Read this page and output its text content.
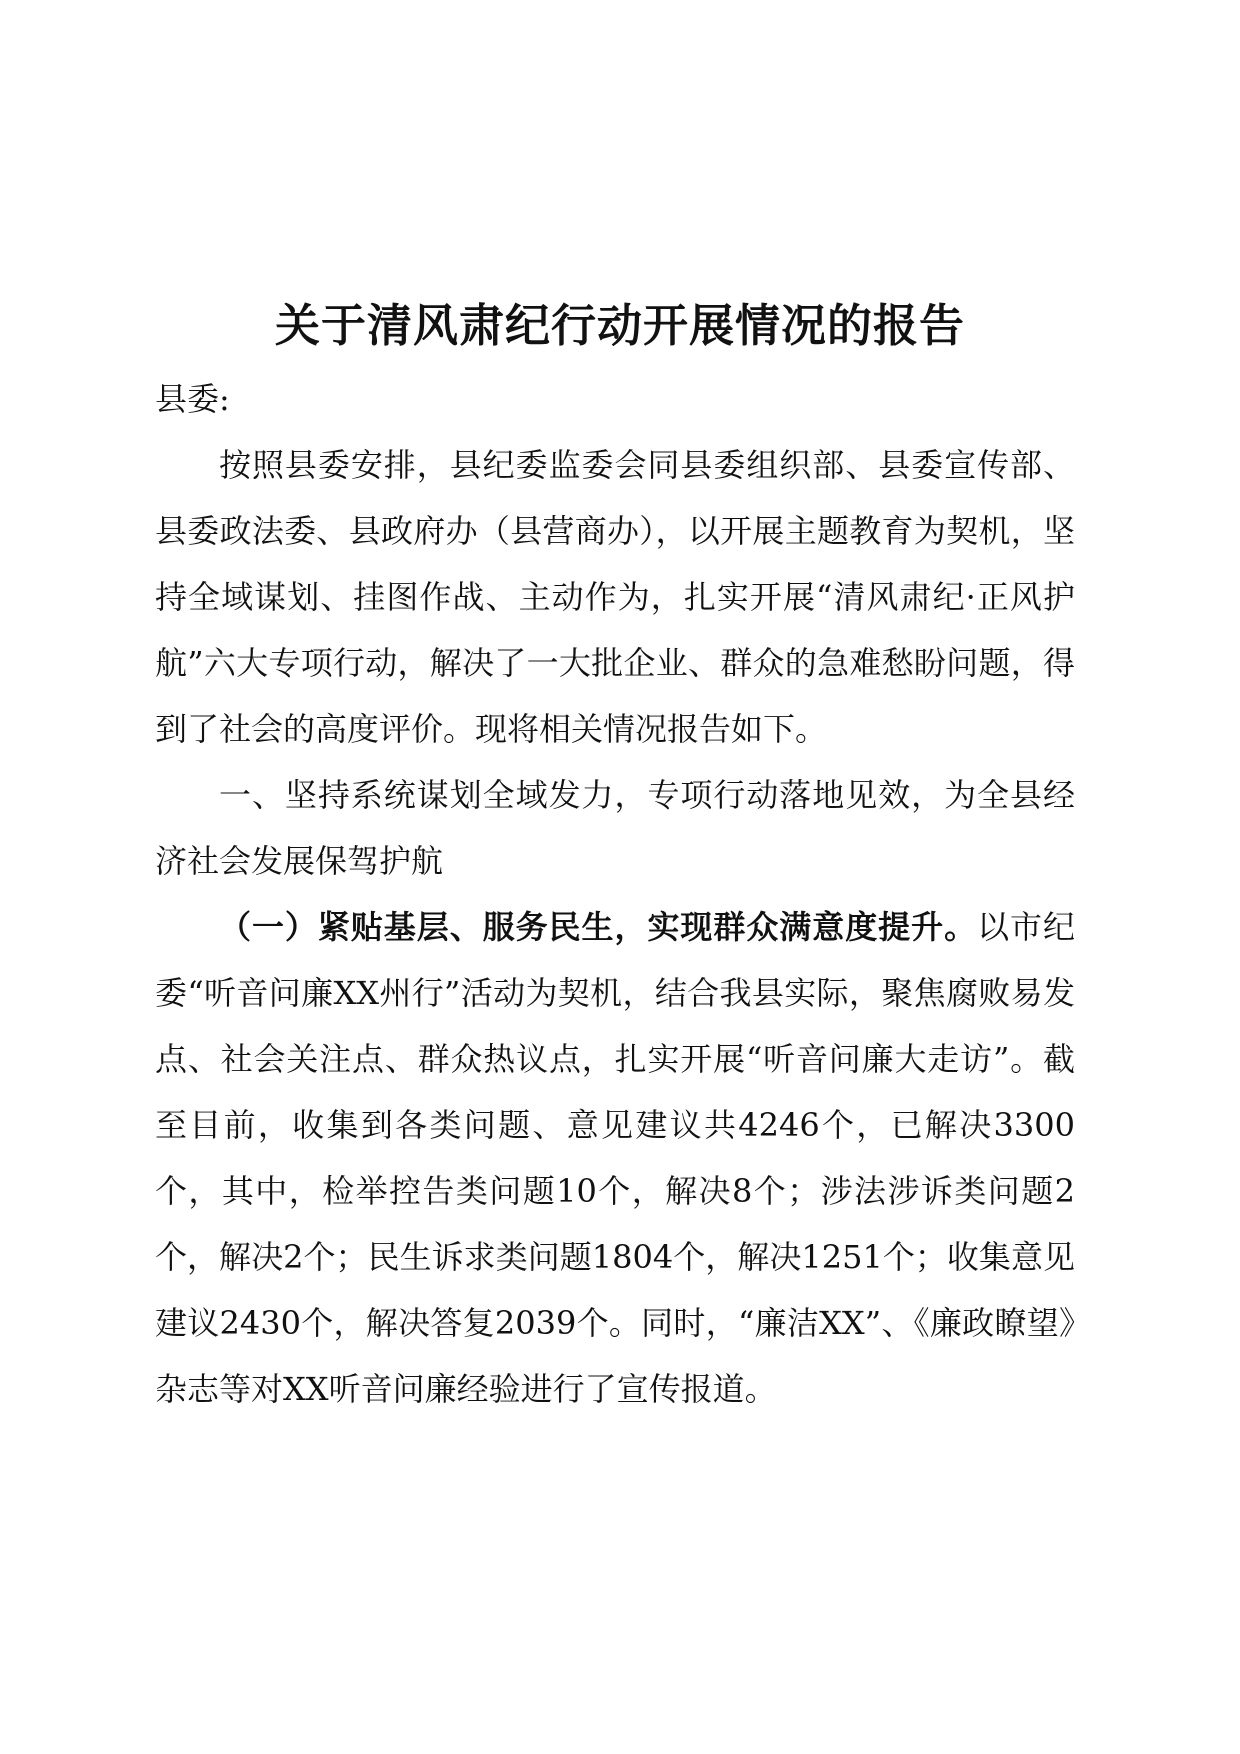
关于清风肃纪行动开展情况的报告

县委:

按照县委安排，县纪委监委会同县委组织部、县委宣传部、县委政法委、县政府办（县营商办），以开展主题教育为契机，坚持全域谋划、挂图作战、主动作为，扎实开展“清风肃纪·正风护航”六大专项行动，解决了一大批企业、群众的急难愁盼问题，得到了社会的高度评价。现将相关情况报告如下。

一、坚持系统谋划全域发力，专项行动落地见效，为全县经济社会发展保驾护航

（一）紧贴基层、服务民生，实现群众满意度提升。以市纪委“听音问廉XX州行”活动为契机，结合我县实际，聚焦腐败易发点、社会关注点、群众热议点，扎实开展“听音问廉大走访”。截至目前，收集到各类问题、意见建议共4246个，已解决3300个，其中，检举控告类问题10个，解决8个；涉法涉诉类问题2个，解决2个；民生诉求类问题1804个，解决1251个；收集意见建议2430个，解决答复2039个。同时，“廉洁XX”、《廉政瞭望》杂志等对XX听音问廉经验进行了宣传报道。
